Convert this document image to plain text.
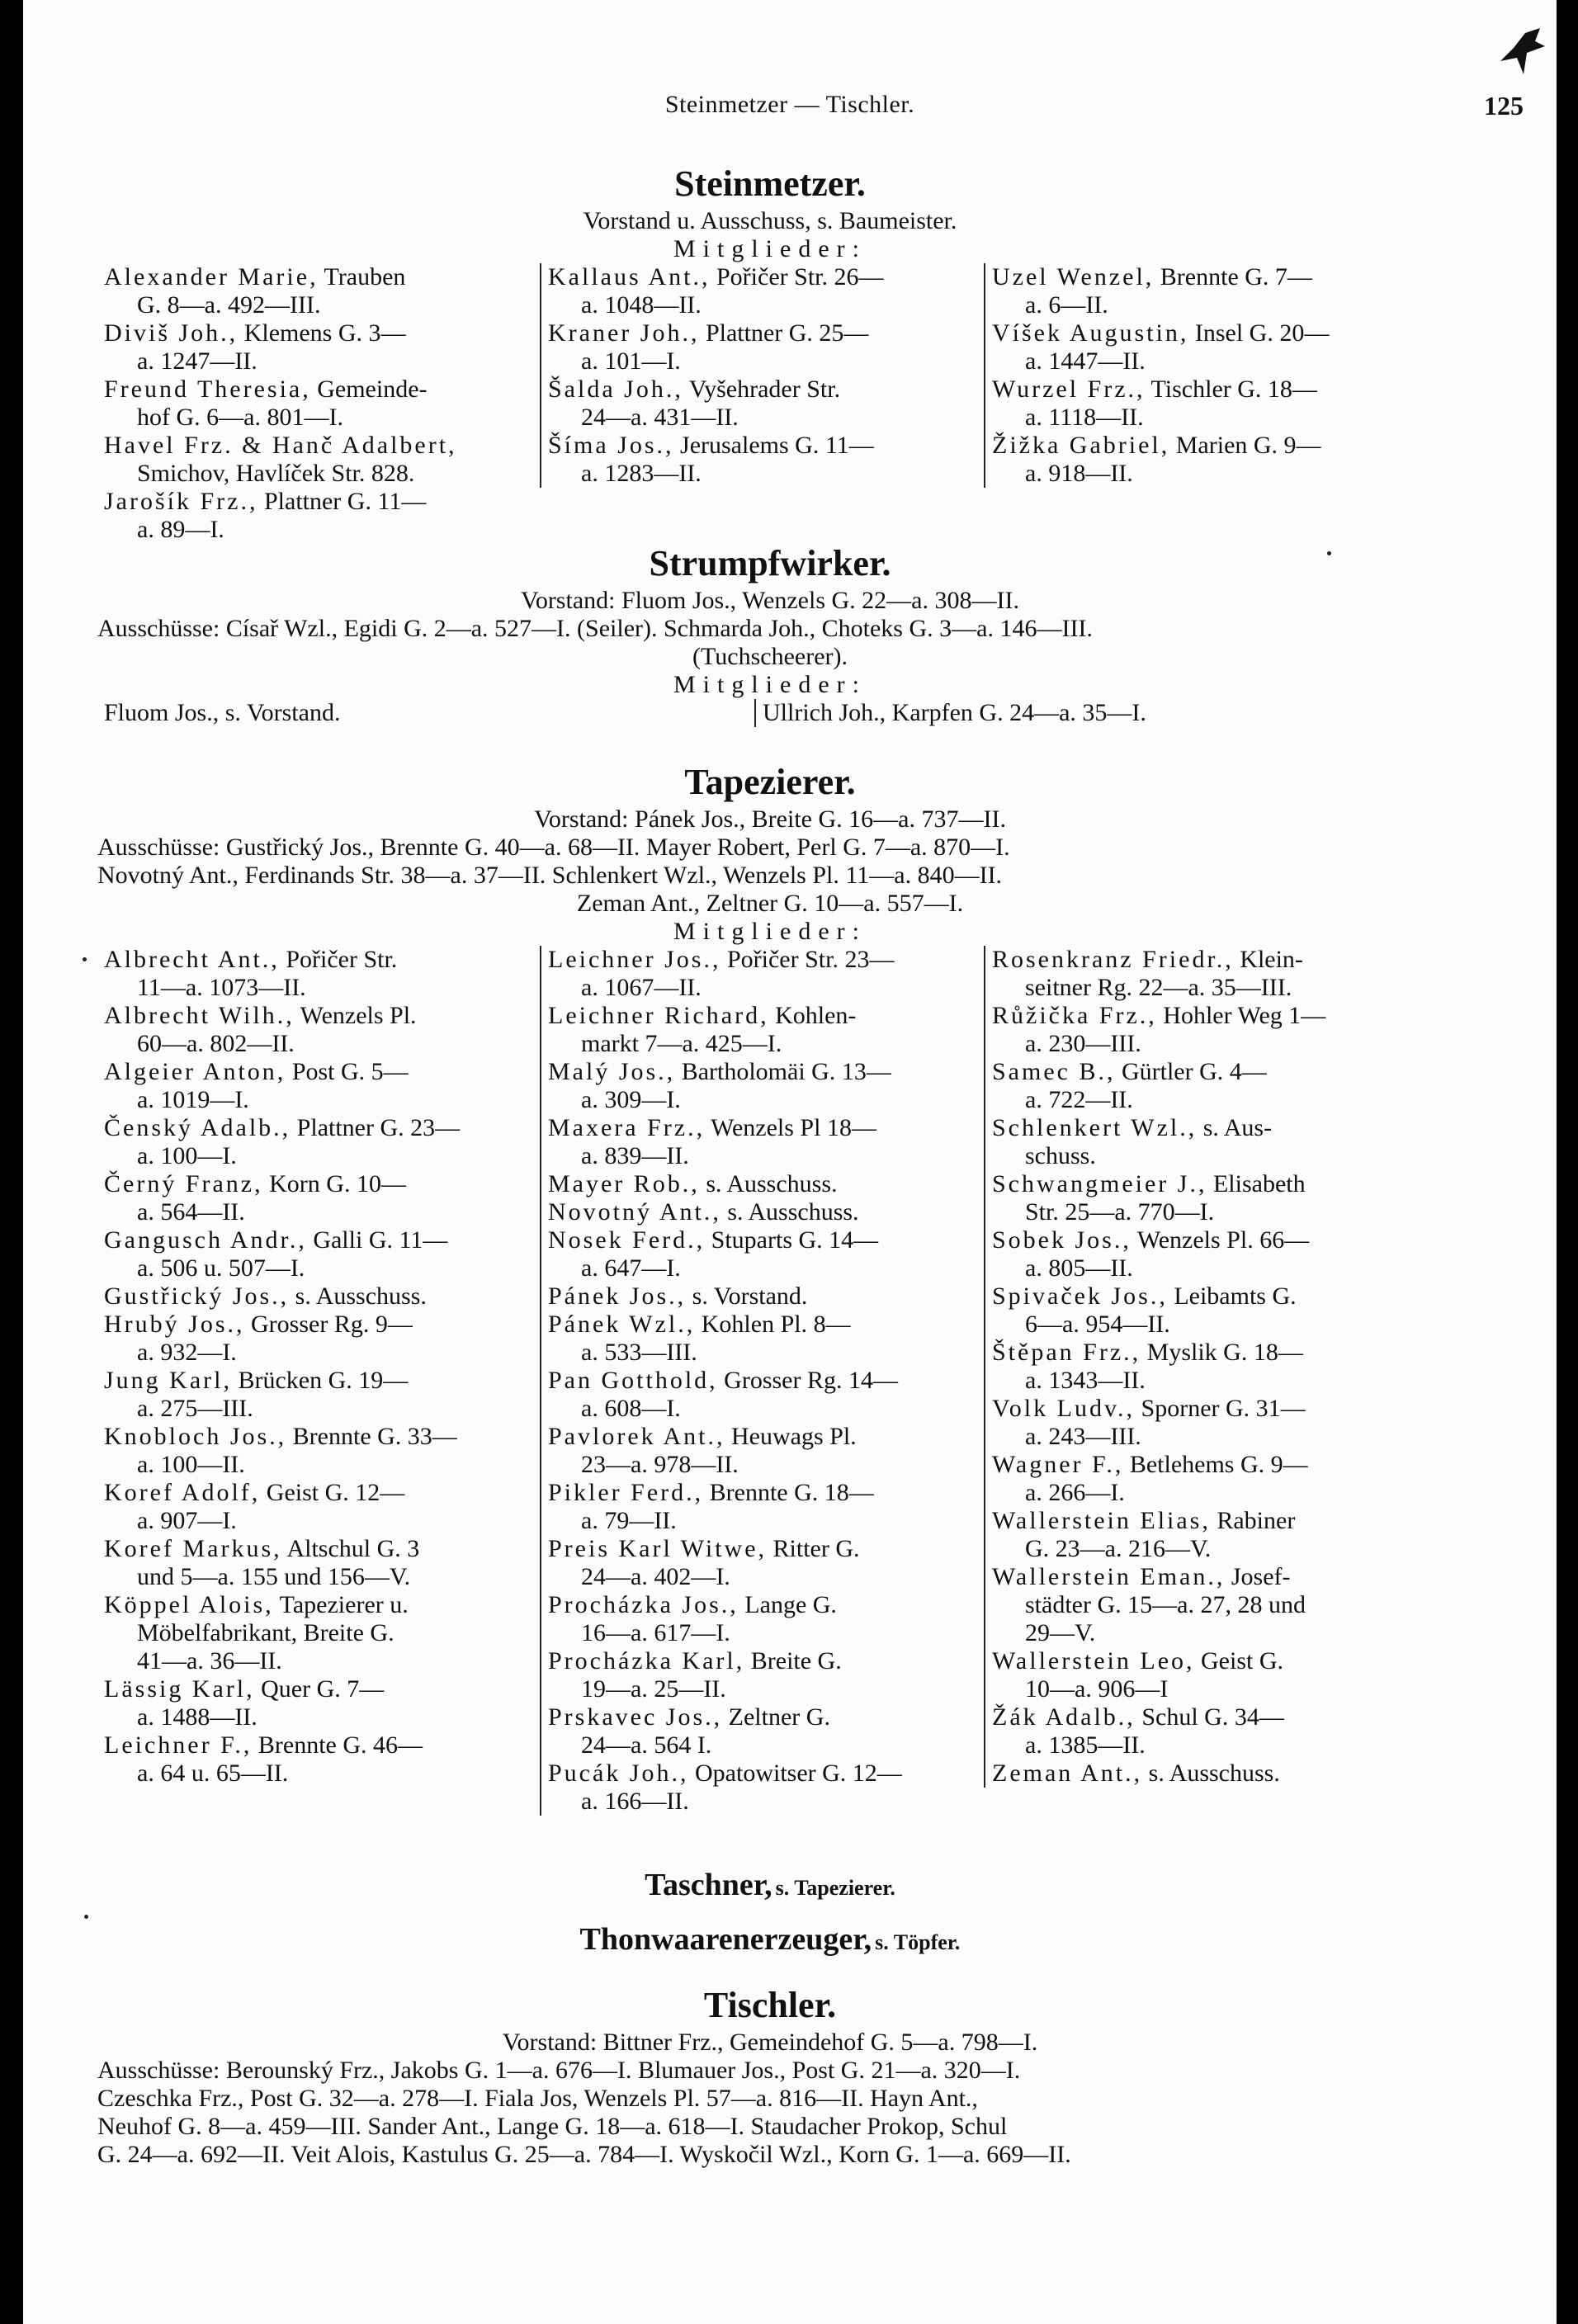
Steinmetzer — Tischler.	125
Steinmetzer.
Vorstand u. Ausschuss, s. Baumeister.
Mitglieder:
Alexander Marie, Trauben
G. 8—a. 492—III.
Diviš Joh., Klemens G. 3—
a. 1247—II.
Freund Theresia, Gemeinde-
hof G. 6—a. 801—I.
Havel Frz. & Hanč Adalbert,
Smichov, Havlíček Str. 828.
Jarošík Frz., Plattner G. 11—
a. 89—I.
Kallaus Ant., Pořičer Str. 26—
a. 1048—II.
Kraner Joh., Plattner G. 25—
a. 101—I.
Šalda Joh., Vyšehrader Str.
24—a. 431—II.
Šíma Jos., Jerusalems G. 11—
a. 1283—II.
Uzel Wenzel, Brennte G. 7—
a. 6—II.
Víšek Augustin, Insel G. 20—
a. 1447—II.
Wurzel Frz., Tischler G. 18—
a. 1118—II.
Žižka Gabriel, Marien G. 9—
a. 918—II.
Strumpfwirker.
Vorstand: Fluom Jos., Wenzels G. 22—a. 308—II.
Ausschüsse: Císař Wzl., Egidi G. 2—a. 527—I. (Seiler). Schmarda Joh., Choteks G. 3—a. 146—III.
(Tuchscheerer).
Mitglieder:
Fluom Jos., s. Vorstand.	Ullrich Joh., Karpfen G. 24—a. 35—I.
Tapezierer.
Vorstand: Pánek Jos., Breite G. 16—a. 737—II.
Ausschüsse: Gustřický Jos., Brennte G. 40—a. 68—II. Mayer Robert, Perl G. 7—a. 870—I.
Novotný Ant., Ferdinands Str. 38—a. 37—II. Schlenkert Wzl., Wenzels Pl. 11—a. 840—II.
Zeman Ant., Zeltner G. 10—a. 557—I.
Mitglieder:
Albrecht Ant., Pořičer Str.
11—a. 1073—II.
Albrecht Wilh., Wenzels Pl.
60—a. 802—II.
Algeier Anton, Post G. 5—
a. 1019—I.
Čenský Adalb., Plattner G. 23—
a. 100—I.
Černý Franz, Korn G. 10—
a. 564—II.
Gangusch Andr., Galli G. 11—
a. 506 u. 507—I.
Gustřický Jos., s. Ausschuss.
Hrubý Jos., Grosser Rg. 9—
a. 932—I.
Jung Karl, Brücken G. 19—
a. 275—III.
Knobloch Jos., Brennte G. 33—
a. 100—II.
Koref Adolf, Geist G. 12—
a. 907—I.
Koref Markus, Altschul G. 3
und 5—a. 155 und 156—V.
Köppel Alois, Tapezierer u.
Möbelfabrikant, Breite G.
41—a. 36—II.
Lässig Karl, Quer G. 7—
a. 1488—II.
Leichner F., Brennte G. 46—
a. 64 u. 65—II.
Leichner Jos., Pořičer Str. 23—
a. 1067—II.
Leichner Richard, Kohlen-
markt 7—a. 425—I.
Malý Jos., Bartholomäi G. 13—
a. 309—I.
Maxera Frz., Wenzels Pl 18—
a. 839—II.
Mayer Rob., s. Ausschuss.
Novotný Ant., s. Ausschuss.
Nosek Ferd., Stuparts G. 14—
a. 647—I.
Pánek Jos., s. Vorstand.
Pánek Wzl., Kohlen Pl. 8—
a. 533—III.
Pan Gotthold, Grosser Rg. 14—
a. 608—I.
Pavlorek Ant., Heuwags Pl.
23—a. 978—II.
Pikler Ferd., Brennte G. 18—
a. 79—II.
Preis Karl Witwe, Ritter G.
24—a. 402—I.
Procházka Jos., Lange G.
16—a. 617—I.
Procházka Karl, Breite G.
19—a. 25—II.
Prskavec Jos., Zeltner G.
24—a. 564 I.
Pucák Joh., Opatowitser G. 12—
a. 166—II.
Rosenkranz Friedr., Klein-
seitner Rg. 22—a. 35—III.
Růžička Frz., Hohler Weg 1—
a. 230—III.
Samec B., Gürtler G. 4—
a. 722—II.
Schlenkert Wzl., s. Aus-
schuss.
Schwangmeier J., Elisabeth
Str. 25—a. 770—I.
Sobek Jos., Wenzels Pl. 66—
a. 805—II.
Spivaček Jos., Leibamts G.
6—a. 954—II.
Štěpan Frz., Myslik G. 18—
a. 1343—II.
Volk Ludv., Sporner G. 31—
a. 243—III.
Wagner F., Betlehems G. 9—
a. 266—I.
Wallerstein Elias, Rabiner
G. 23—a. 216—V.
Wallerstein Eman., Josef-
städter G. 15—a. 27, 28 und
29—V.
Wallerstein Leo, Geist G.
10—a. 906—I
Žák Adalb., Schul G. 34—
a. 1385—II.
Zeman Ant., s. Ausschuss.
Taschner, s. Tapezierer.
Thonwaarenerzeuger, s. Töpfer.
Tischler.
Vorstand: Bittner Frz., Gemeindehof G. 5—a. 798—I.
Ausschüsse: Berounský Frz., Jakobs G. 1—a. 676—I. Blumauer Jos., Post G. 21—a. 320—I.
Czeschka Frz., Post G. 32—a. 278—I. Fiala Jos, Wenzels Pl. 57—a. 816—II. Hayn Ant.,
Neuhof G. 8—a. 459—III. Sander Ant., Lange G. 18—a. 618—I. Staudacher Prokop, Schul
G. 24—a. 692—II. Veit Alois, Kastulus G. 25—a. 784—I. Wyskočil Wzl., Korn G. 1—a. 669—II.
